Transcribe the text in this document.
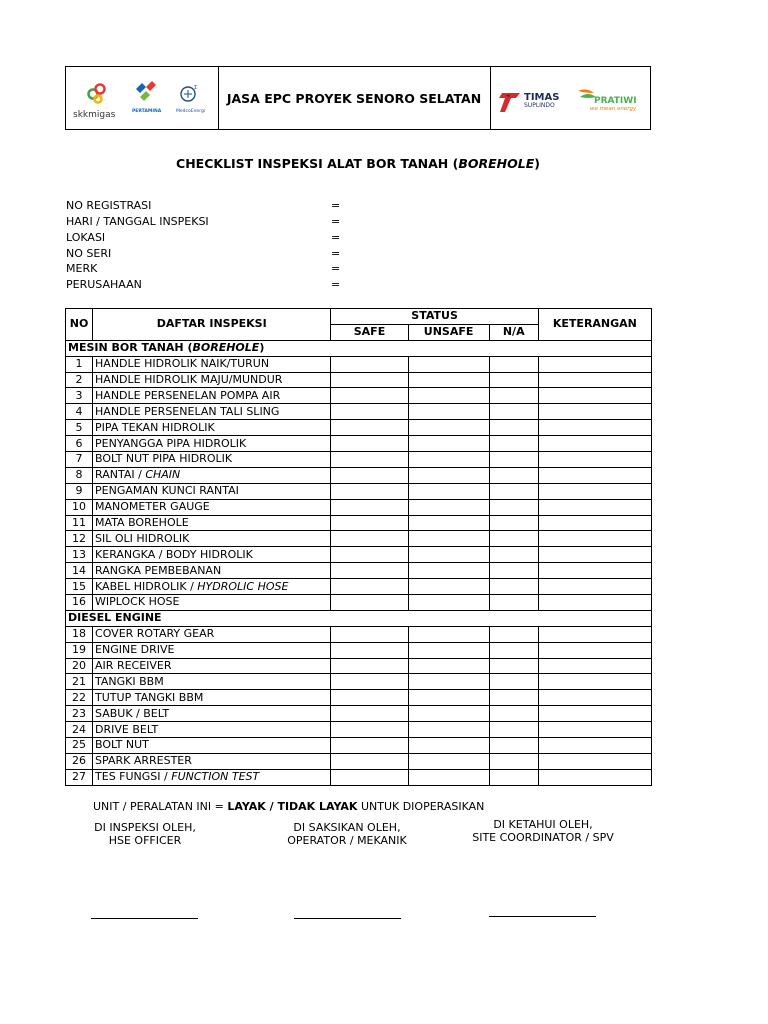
skkmigas	PERTAMINA
Σ
MedcoEnergi
JASA EPC PROYEK SENORO SELATAN	TIMAS
SUPLINDO	PRATIWI
we mean energy
CHECKLIST INSPEKSI ALAT BOR TANAH (BOREHOLE)
NO REGISTRASI	=
HARI / TANGGAL INSPEKSI	=
LOKASI	=
NO SERI	=
MERK	=
PERUSAHAAN	=
NO	DAFTAR INSPEKSI	STATUS			KETERANGAN
		SAFE	UNSAFE	N/A	
MESIN BOR TANAH (BOREHOLE)					
1	HANDLE HIDROLIK NAIK/TURUN				
2	HANDLE HIDROLIK MAJU/MUNDUR				
3	HANDLE PERSENELAN POMPA AIR				
4	HANDLE PERSENELAN TALI SLING				
5	PIPA TEKAN HIDROLIK				
6	PENYANGGA PIPA HIDROLIK				
7	BOLT NUT PIPA HIDROLIK				
8	RANTAI / CHAIN				
9	PENGAMAN KUNCI RANTAI				
10	MANOMETER GAUGE				
11	MATA BOREHOLE				
12	SIL OLI HIDROLIK				
13	KERANGKA / BODY HIDROLIK				
14	RANGKA PEMBEBANAN				
15	KABEL HIDROLIK / HYDROLIC HOSE				
16	WIPLOCK HOSE				
DIESEL ENGINE					
18	COVER ROTARY GEAR				
19	ENGINE DRIVE				
20	AIR RECEIVER				
21	TANGKI BBM				
22	TUTUP TANGKI BBM				
23	SABUK / BELT				
24	DRIVE BELT				
25	BOLT NUT				
26	SPARK ARRESTER				
27	TES FUNGSI / FUNCTION TEST				
UNIT / PERALATAN INI = LAYAK / TIDAK LAYAK UNTUK DIOPERASIKAN
DI INSPEKSI OLEH,
HSE OFFICER
DI SAKSIKAN OLEH,
OPERATOR / MEKANIK
DI KETAHUI OLEH,
SITE COORDINATOR / SPV
